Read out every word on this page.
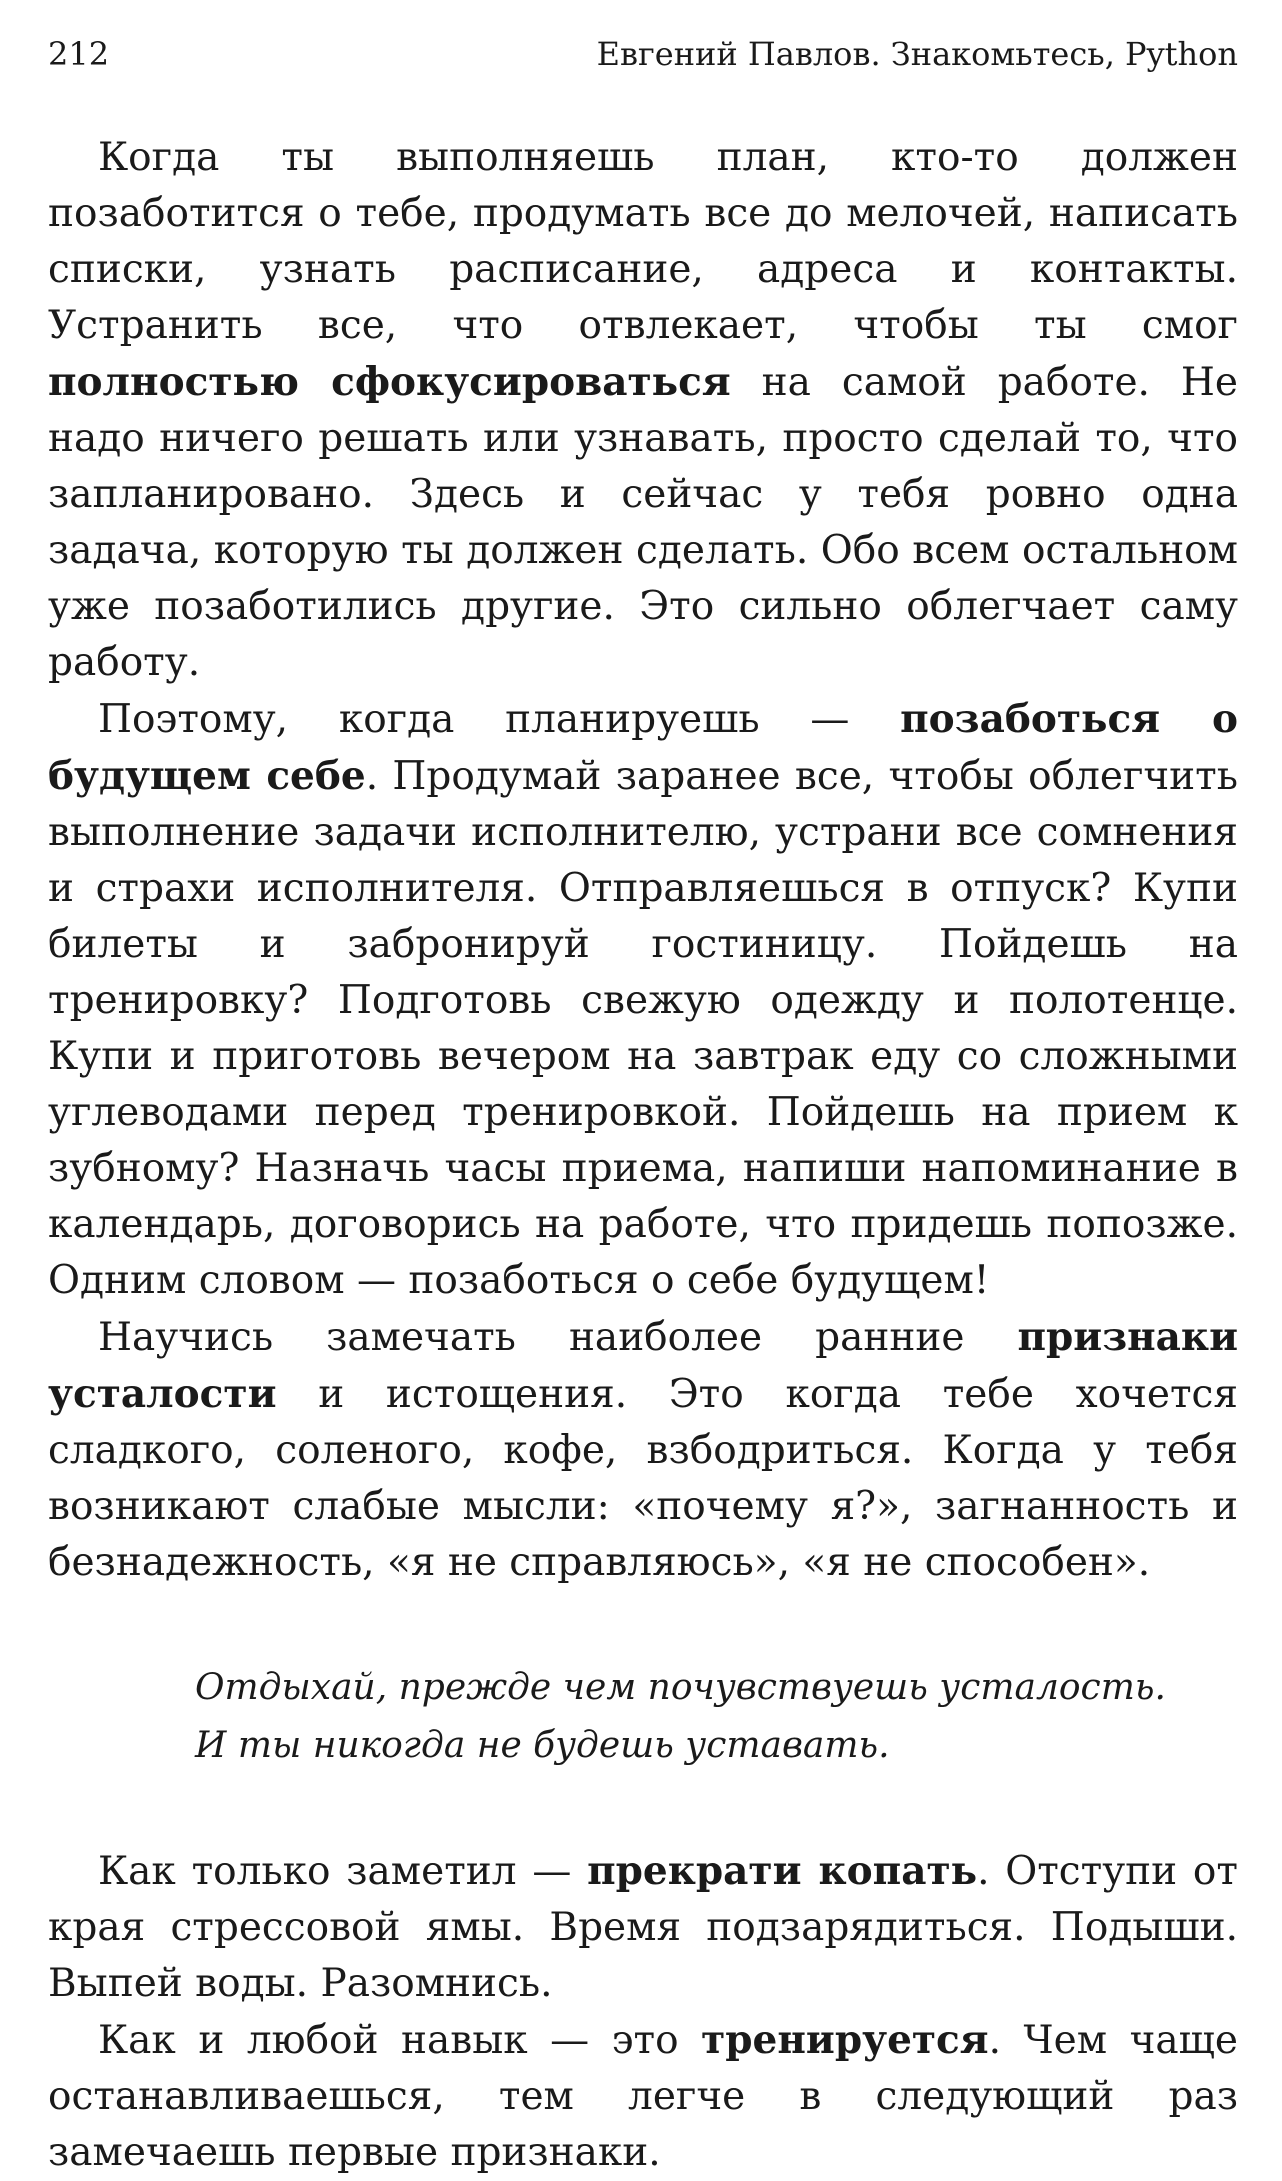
212	Евгений Павлов. Знакомьтесь, Python

Когда ты выполняешь план, кто-то должен позаботится о тебе, продумать все до мелочей, написать списки, узнать расписание, адреса и контакты. Устранить все, что отвлекает, чтобы ты смог полностью сфокусироваться на самой работе. Не надо ничего решать или узнавать, просто сделай то, что запланировано. Здесь и сейчас у тебя ровно одна задача, которую ты должен сделать. Обо всем остальном уже позаботились другие. Это сильно облегчает саму работу.

Поэтому, когда планируешь — позаботься о будущем себе. Продумай заранее все, чтобы облегчить выполнение задачи исполнителю, устрани все сомнения и страхи исполнителя. Отправляешься в отпуск? Купи билеты и забронируй гостиницу. Пойдешь на тренировку? Подготовь свежую одежду и полотенце. Купи и приготовь вечером на завтрак еду со сложными углеводами перед тренировкой. Пойдешь на прием к зубному? Назначь часы приема, напиши напоминание в календарь, договорись на работе, что придешь попозже. Одним словом — позаботься о себе будущем!

Научись замечать наиболее ранние признаки усталости и истощения. Это когда тебе хочется сладкого, соленого, кофе, взбодриться. Когда у тебя возникают слабые мысли: «почему я?», загнанность и безнадежность, «я не справляюсь», «я не способен».

Отдыхай, прежде чем почувствуешь усталость.
И ты никогда не будешь уставать.

Как только заметил — прекрати копать. Отступи от края стрессовой ямы. Время подзарядиться. Подыши. Выпей воды. Разомнись.

Как и любой навык — это тренируется. Чем чаще останавливаешься, тем легче в следующий раз замечаешь первые признаки.
